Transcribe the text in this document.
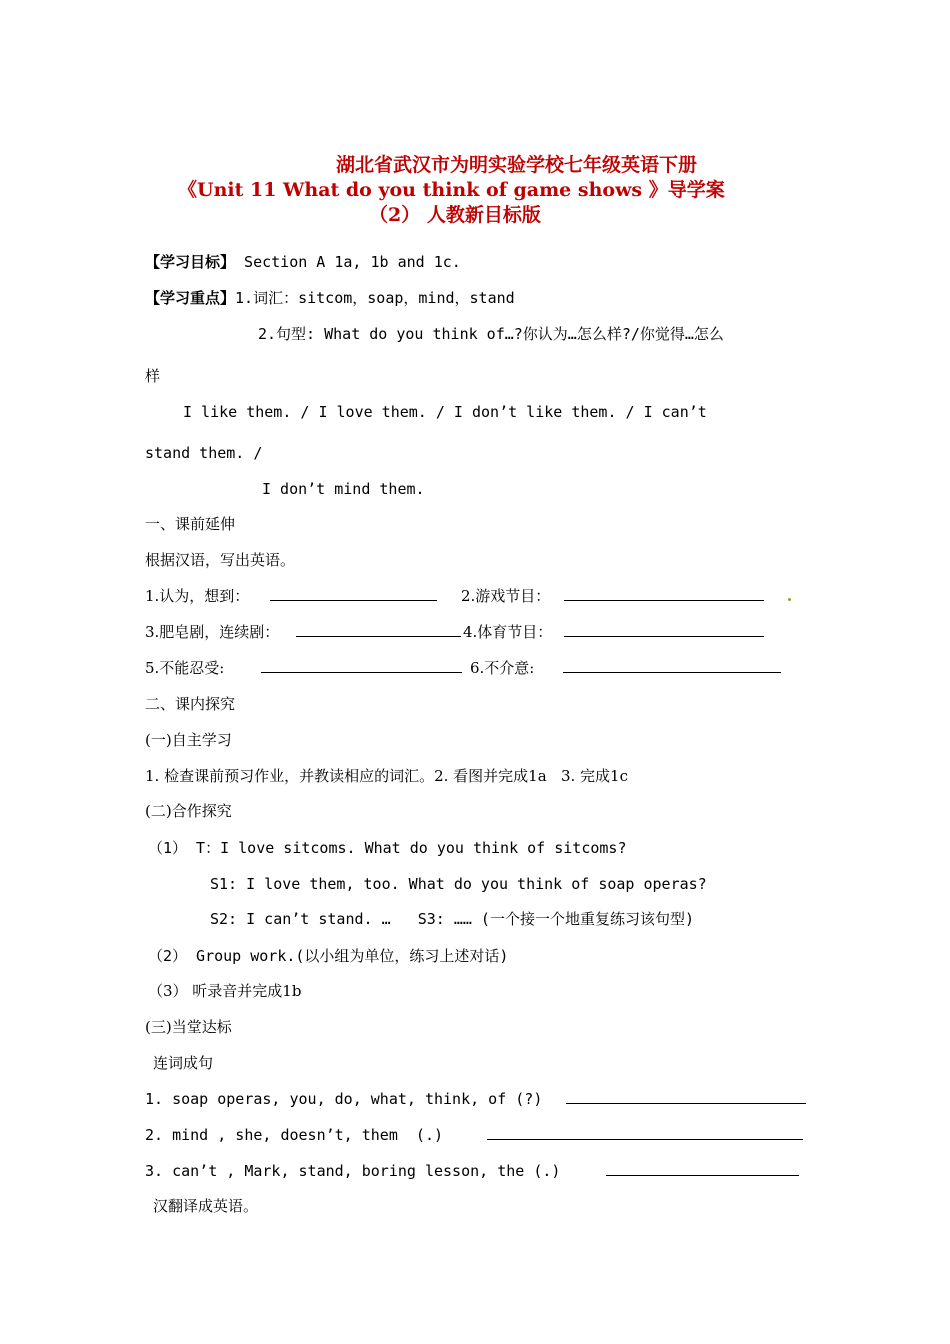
湖北省武汉市为明实验学校七年级英语下册
《Unit 11 What do you think of game shows 》导学案
（2） 人教新目标版
【学习目标】 Section A 1a, 1b and 1c.
【学习重点】1.词汇：sitcom，soap，mind，stand
2.句型: What do you think of…?你认为…怎么样?/你觉得…怎么
样
I like them. / I love them. / I don’t like them. / I can’t
stand them. /
I don’t mind them.
一、课前延伸
根据汉语，写出英语。
1.认为，想到：	2.游戏节目：
3.肥皂剧，连续剧：	4.体育节目：
5.不能忍受:	6.不介意:
二、课内探究
(一)自主学习
1. 检查课前预习作业，并教读相应的词汇。2. 看图并完成1a   3. 完成1c
(二)合作探究
（1） T：I love sitcoms. What do you think of sitcoms?
S1: I love them, too. What do you think of soap operas?
S2: I can’t stand. …   S3: …… (一个接一个地重复练习该句型)
（2） Group work.(以小组为单位，练习上述对话)
（3） 听录音并完成1b
(三)当堂达标
连词成句
1. soap operas, you, do, what, think, of (?)
2. mind , she, doesn’t, them  (.)
3. can’t , Mark, stand, boring lesson, the (.)
汉翻译成英语。
